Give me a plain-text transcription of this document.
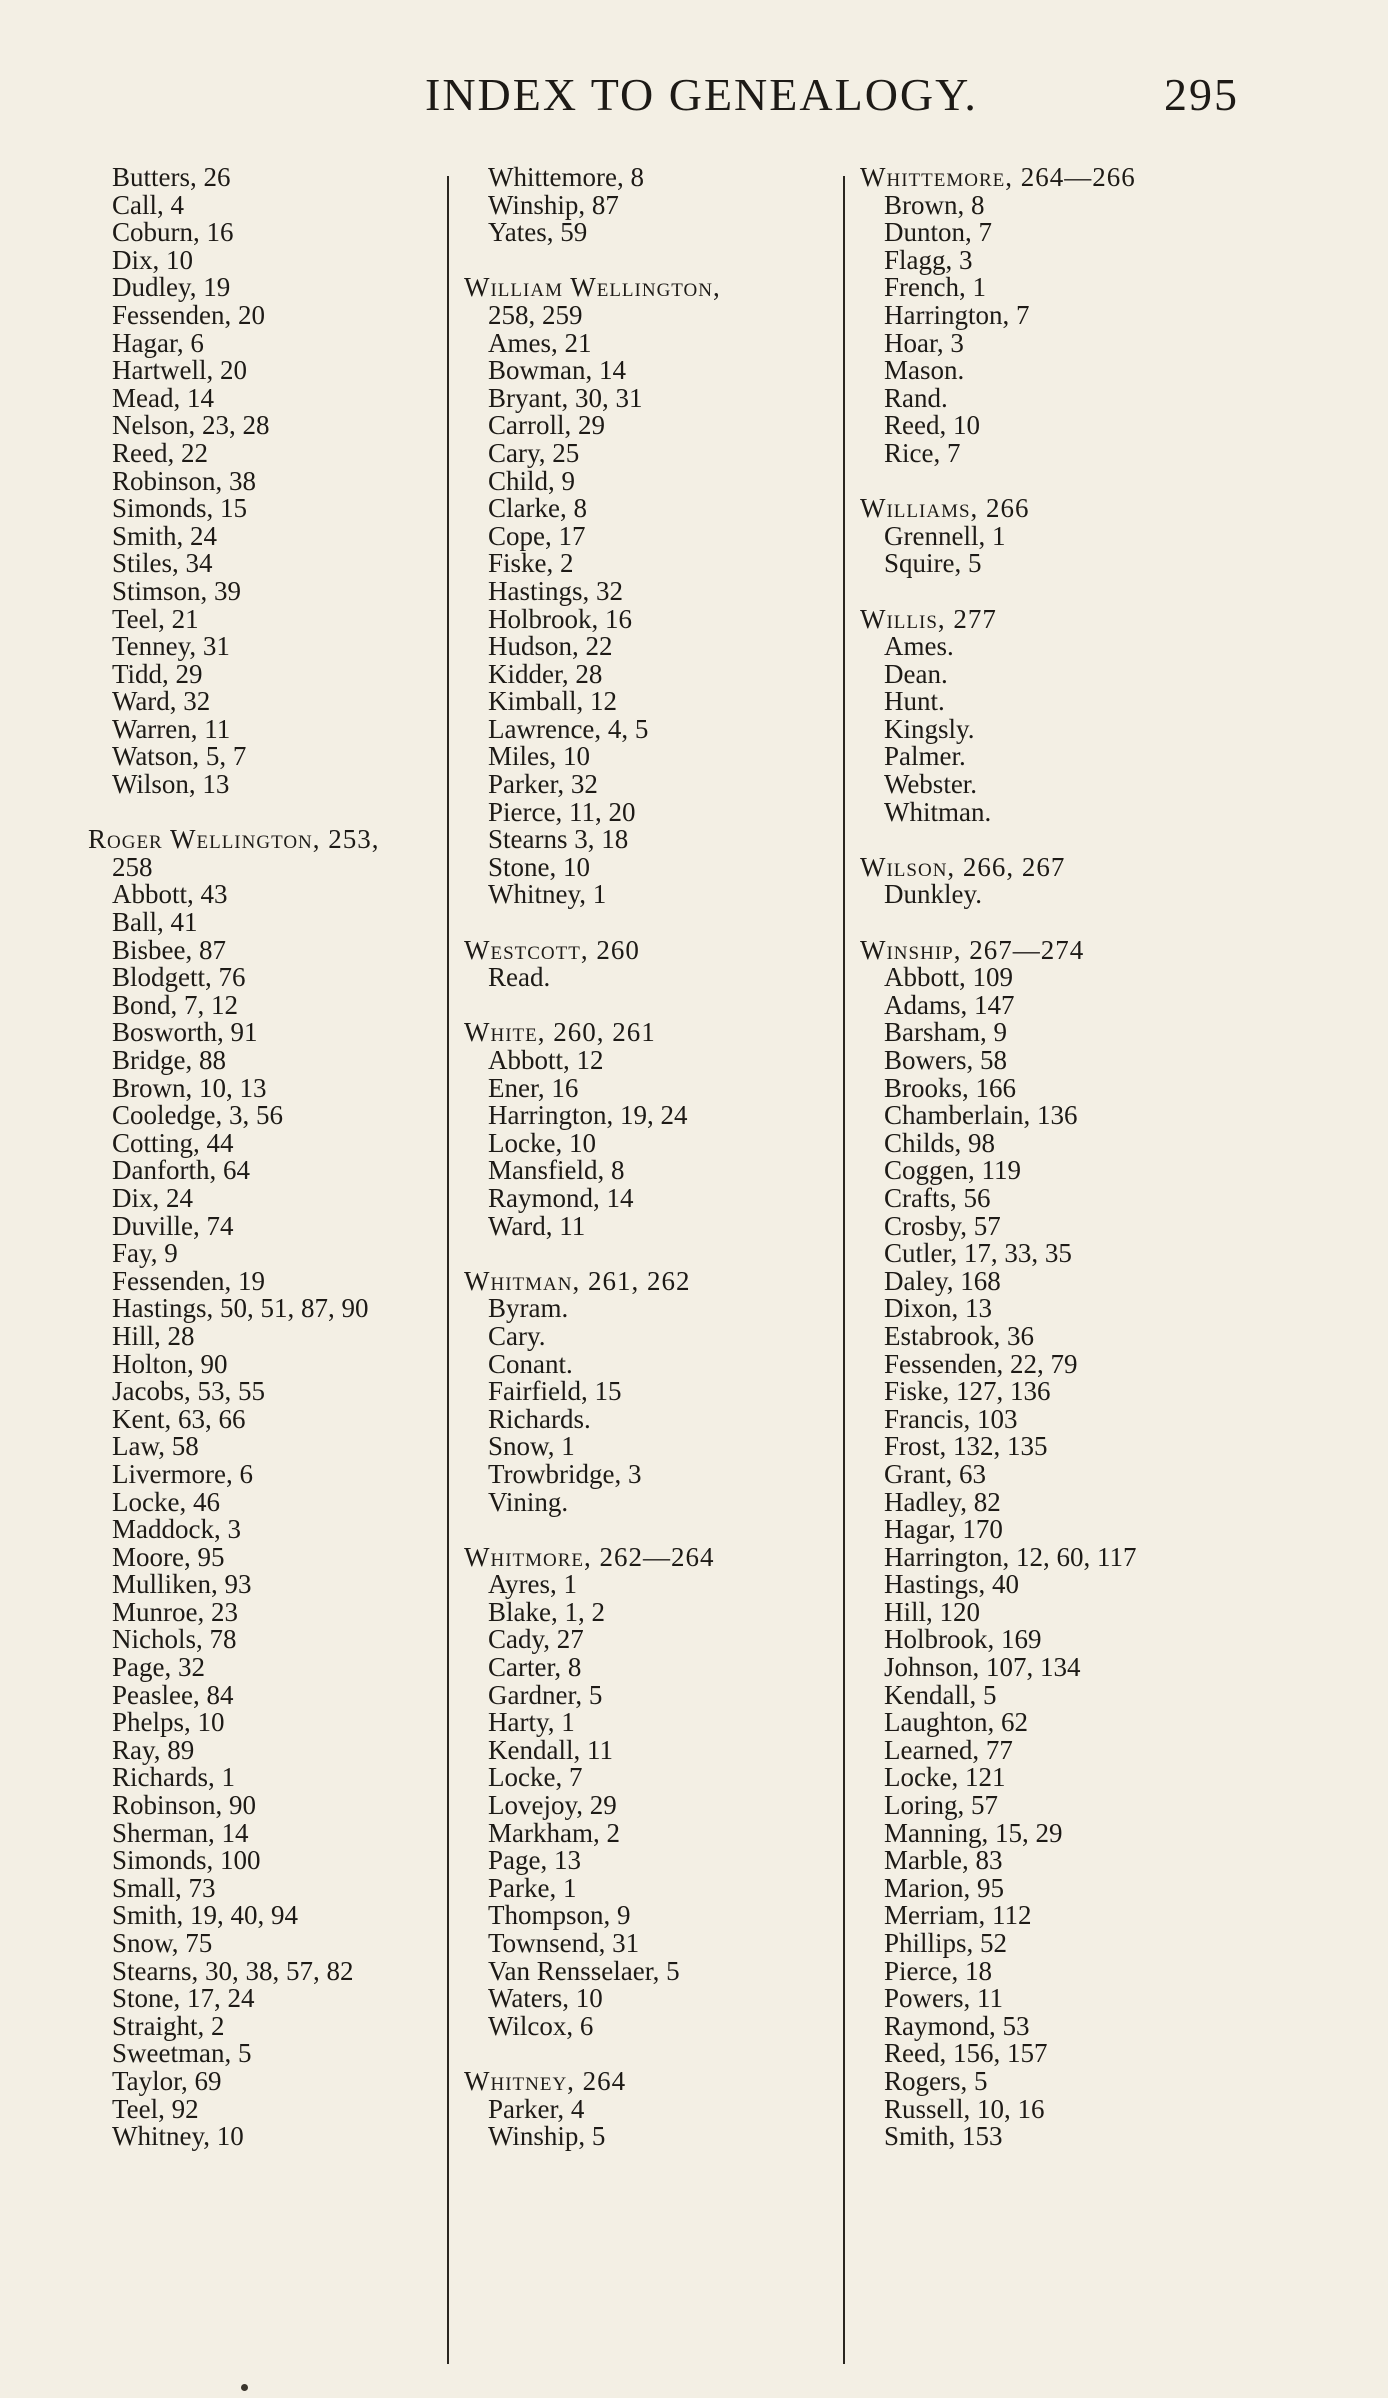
INDEX TO GENEALOGY.	295
Butters, 26
Call, 4
Coburn, 16
Dix, 10
Dudley, 19
Fessenden, 20
Hagar, 6
Hartwell, 20
Mead, 14
Nelson, 23, 28
Reed, 22
Robinson, 38
Simonds, 15
Smith, 24
Stiles, 34
Stimson, 39
Teel, 21
Tenney, 31
Tidd, 29
Ward, 32
Warren, 11
Watson, 5, 7
Wilson, 13
Roger Wellington, 253,
258
Abbott, 43
Ball, 41
Bisbee, 87
Blodgett, 76
Bond, 7, 12
Bosworth, 91
Bridge, 88
Brown, 10, 13
Cooledge, 3, 56
Cotting, 44
Danforth, 64
Dix, 24
Duville, 74
Fay, 9
Fessenden, 19
Hastings, 50, 51, 87, 90
Hill, 28
Holton, 90
Jacobs, 53, 55
Kent, 63, 66
Law, 58
Livermore, 6
Locke, 46
Maddock, 3
Moore, 95
Mulliken, 93
Munroe, 23
Nichols, 78
Page, 32
Peaslee, 84
Phelps, 10
Ray, 89
Richards, 1
Robinson, 90
Sherman, 14
Simonds, 100
Small, 73
Smith, 19, 40, 94
Snow, 75
Stearns, 30, 38, 57, 82
Stone, 17, 24
Straight, 2
Sweetman, 5
Taylor, 69
Teel, 92
Whitney, 10
Whittemore, 8
Winship, 87
Yates, 59
William Wellington,
258, 259
Ames, 21
Bowman, 14
Bryant, 30, 31
Carroll, 29
Cary, 25
Child, 9
Clarke, 8
Cope, 17
Fiske, 2
Hastings, 32
Holbrook, 16
Hudson, 22
Kidder, 28
Kimball, 12
Lawrence, 4, 5
Miles, 10
Parker, 32
Pierce, 11, 20
Stearns 3, 18
Stone, 10
Whitney, 1
Westcott, 260
Read.
White, 260, 261
Abbott, 12
Ener, 16
Harrington, 19, 24
Locke, 10
Mansfield, 8
Raymond, 14
Ward, 11
Whitman, 261, 262
Byram.
Cary.
Conant.
Fairfield, 15
Richards.
Snow, 1
Trowbridge, 3
Vining.
Whitmore, 262—264
Ayres, 1
Blake, 1, 2
Cady, 27
Carter, 8
Gardner, 5
Harty, 1
Kendall, 11
Locke, 7
Lovejoy, 29
Markham, 2
Page, 13
Parke, 1
Thompson, 9
Townsend, 31
Van Rensselaer, 5
Waters, 10
Wilcox, 6
Whitney, 264
Parker, 4
Winship, 5
Whittemore, 264—266
Brown, 8
Dunton, 7
Flagg, 3
French, 1
Harrington, 7
Hoar, 3
Mason.
Rand.
Reed, 10
Rice, 7
Williams, 266
Grennell, 1
Squire, 5
Willis, 277
Ames.
Dean.
Hunt.
Kingsly.
Palmer.
Webster.
Whitman.
Wilson, 266, 267
Dunkley.
Winship, 267—274
Abbott, 109
Adams, 147
Barsham, 9
Bowers, 58
Brooks, 166
Chamberlain, 136
Childs, 98
Coggen, 119
Crafts, 56
Crosby, 57
Cutler, 17, 33, 35
Daley, 168
Dixon, 13
Estabrook, 36
Fessenden, 22, 79
Fiske, 127, 136
Francis, 103
Frost, 132, 135
Grant, 63
Hadley, 82
Hagar, 170
Harrington, 12, 60, 117
Hastings, 40
Hill, 120
Holbrook, 169
Johnson, 107, 134
Kendall, 5
Laughton, 62
Learned, 77
Locke, 121
Loring, 57
Manning, 15, 29
Marble, 83
Marion, 95
Merriam, 112
Phillips, 52
Pierce, 18
Powers, 11
Raymond, 53
Reed, 156, 157
Rogers, 5
Russell, 10, 16
Smith, 153
